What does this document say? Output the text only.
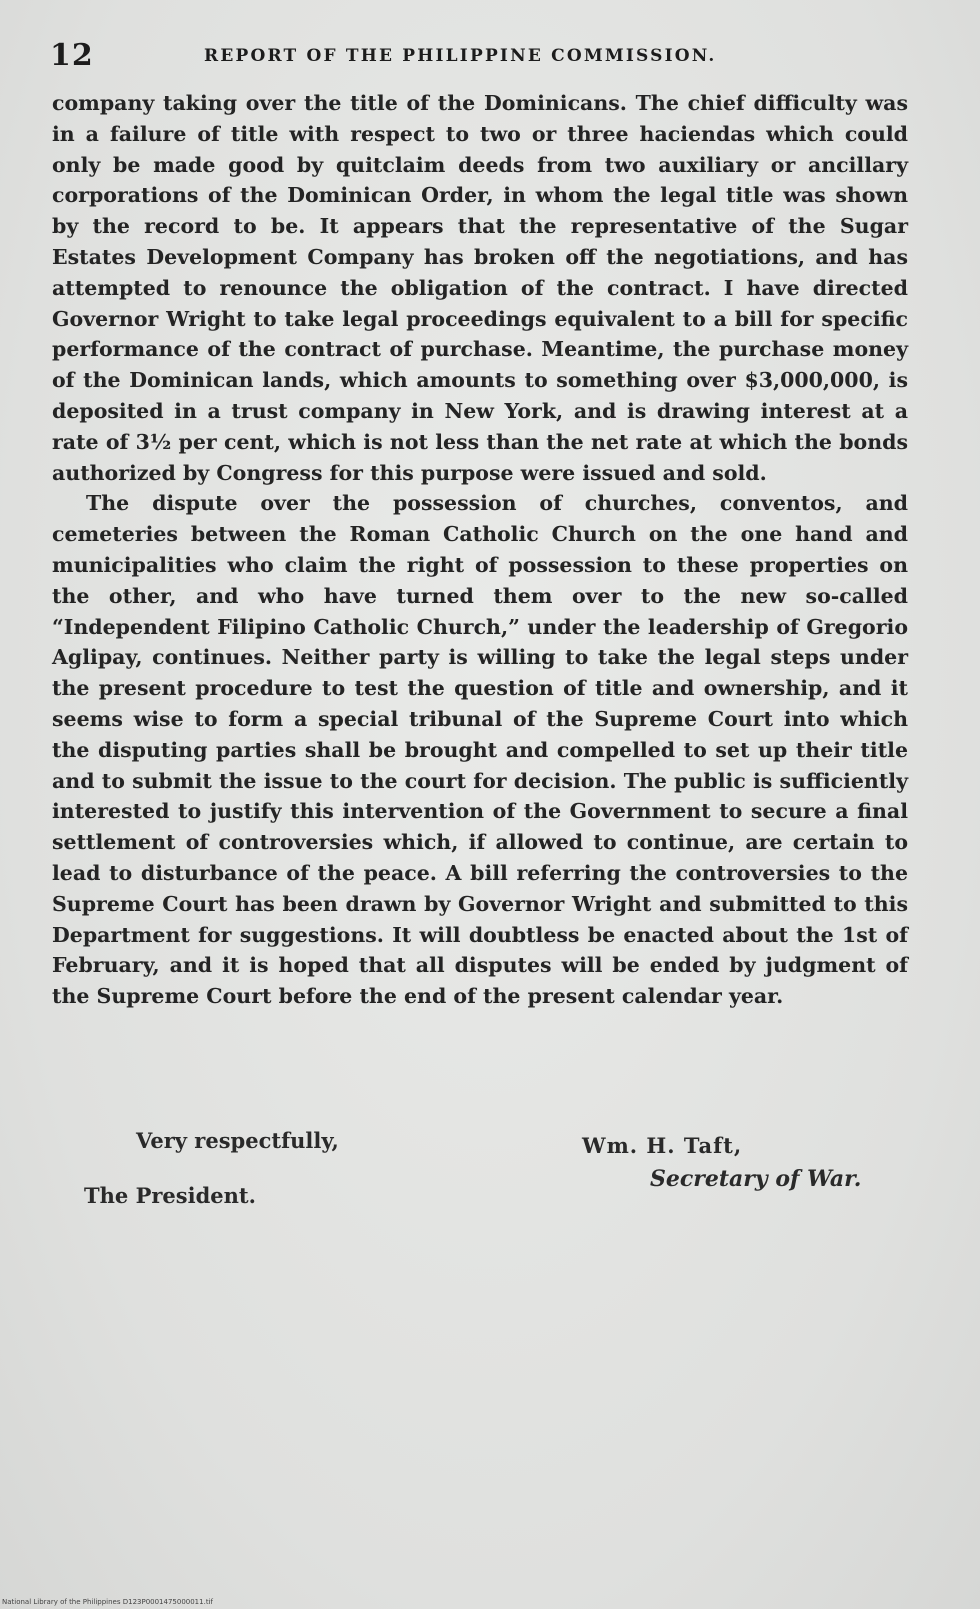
12	REPORT OF THE PHILIPPINE COMMISSION.

company taking over the title of the Dominicans. The chief difficulty was in a failure of title with respect to two or three haciendas which could only be made good by quitclaim deeds from two auxiliary or ancillary corporations of the Dominican Order, in whom the legal title was shown by the record to be. It appears that the representative of the Sugar Estates Development Company has broken off the negotiations, and has attempted to renounce the obligation of the contract. I have directed Governor Wright to take legal proceedings equivalent to a bill for specific performance of the contract of purchase. Meantime, the purchase money of the Dominican lands, which amounts to something over $3,000,000, is deposited in a trust company in New York, and is drawing interest at a rate of 3½ per cent, which is not less than the net rate at which the bonds authorized by Congress for this purpose were issued and sold.

The dispute over the possession of churches, conventos, and cemeteries between the Roman Catholic Church on the one hand and municipalities who claim the right of possession to these properties on the other, and who have turned them over to the new so-called “Independent Filipino Catholic Church,” under the leadership of Gregorio Aglipay, continues. Neither party is willing to take the legal steps under the present procedure to test the question of title and ownership, and it seems wise to form a special tribunal of the Supreme Court into which the disputing parties shall be brought and compelled to set up their title and to submit the issue to the court for decision. The public is sufficiently interested to justify this intervention of the Government to secure a final settlement of controversies which, if allowed to continue, are certain to lead to disturbance of the peace. A bill referring the controversies to the Supreme Court has been drawn by Governor Wright and submitted to this Department for suggestions. It will doubtless be enacted about the 1st of February, and it is hoped that all disputes will be ended by judgment of the Supreme Court before the end of the present calendar year.

Very respectfully,	Wm. H. Taft,
Secretary of War.
The President.
National Library of the Philippines D123P0001475000011.tif
